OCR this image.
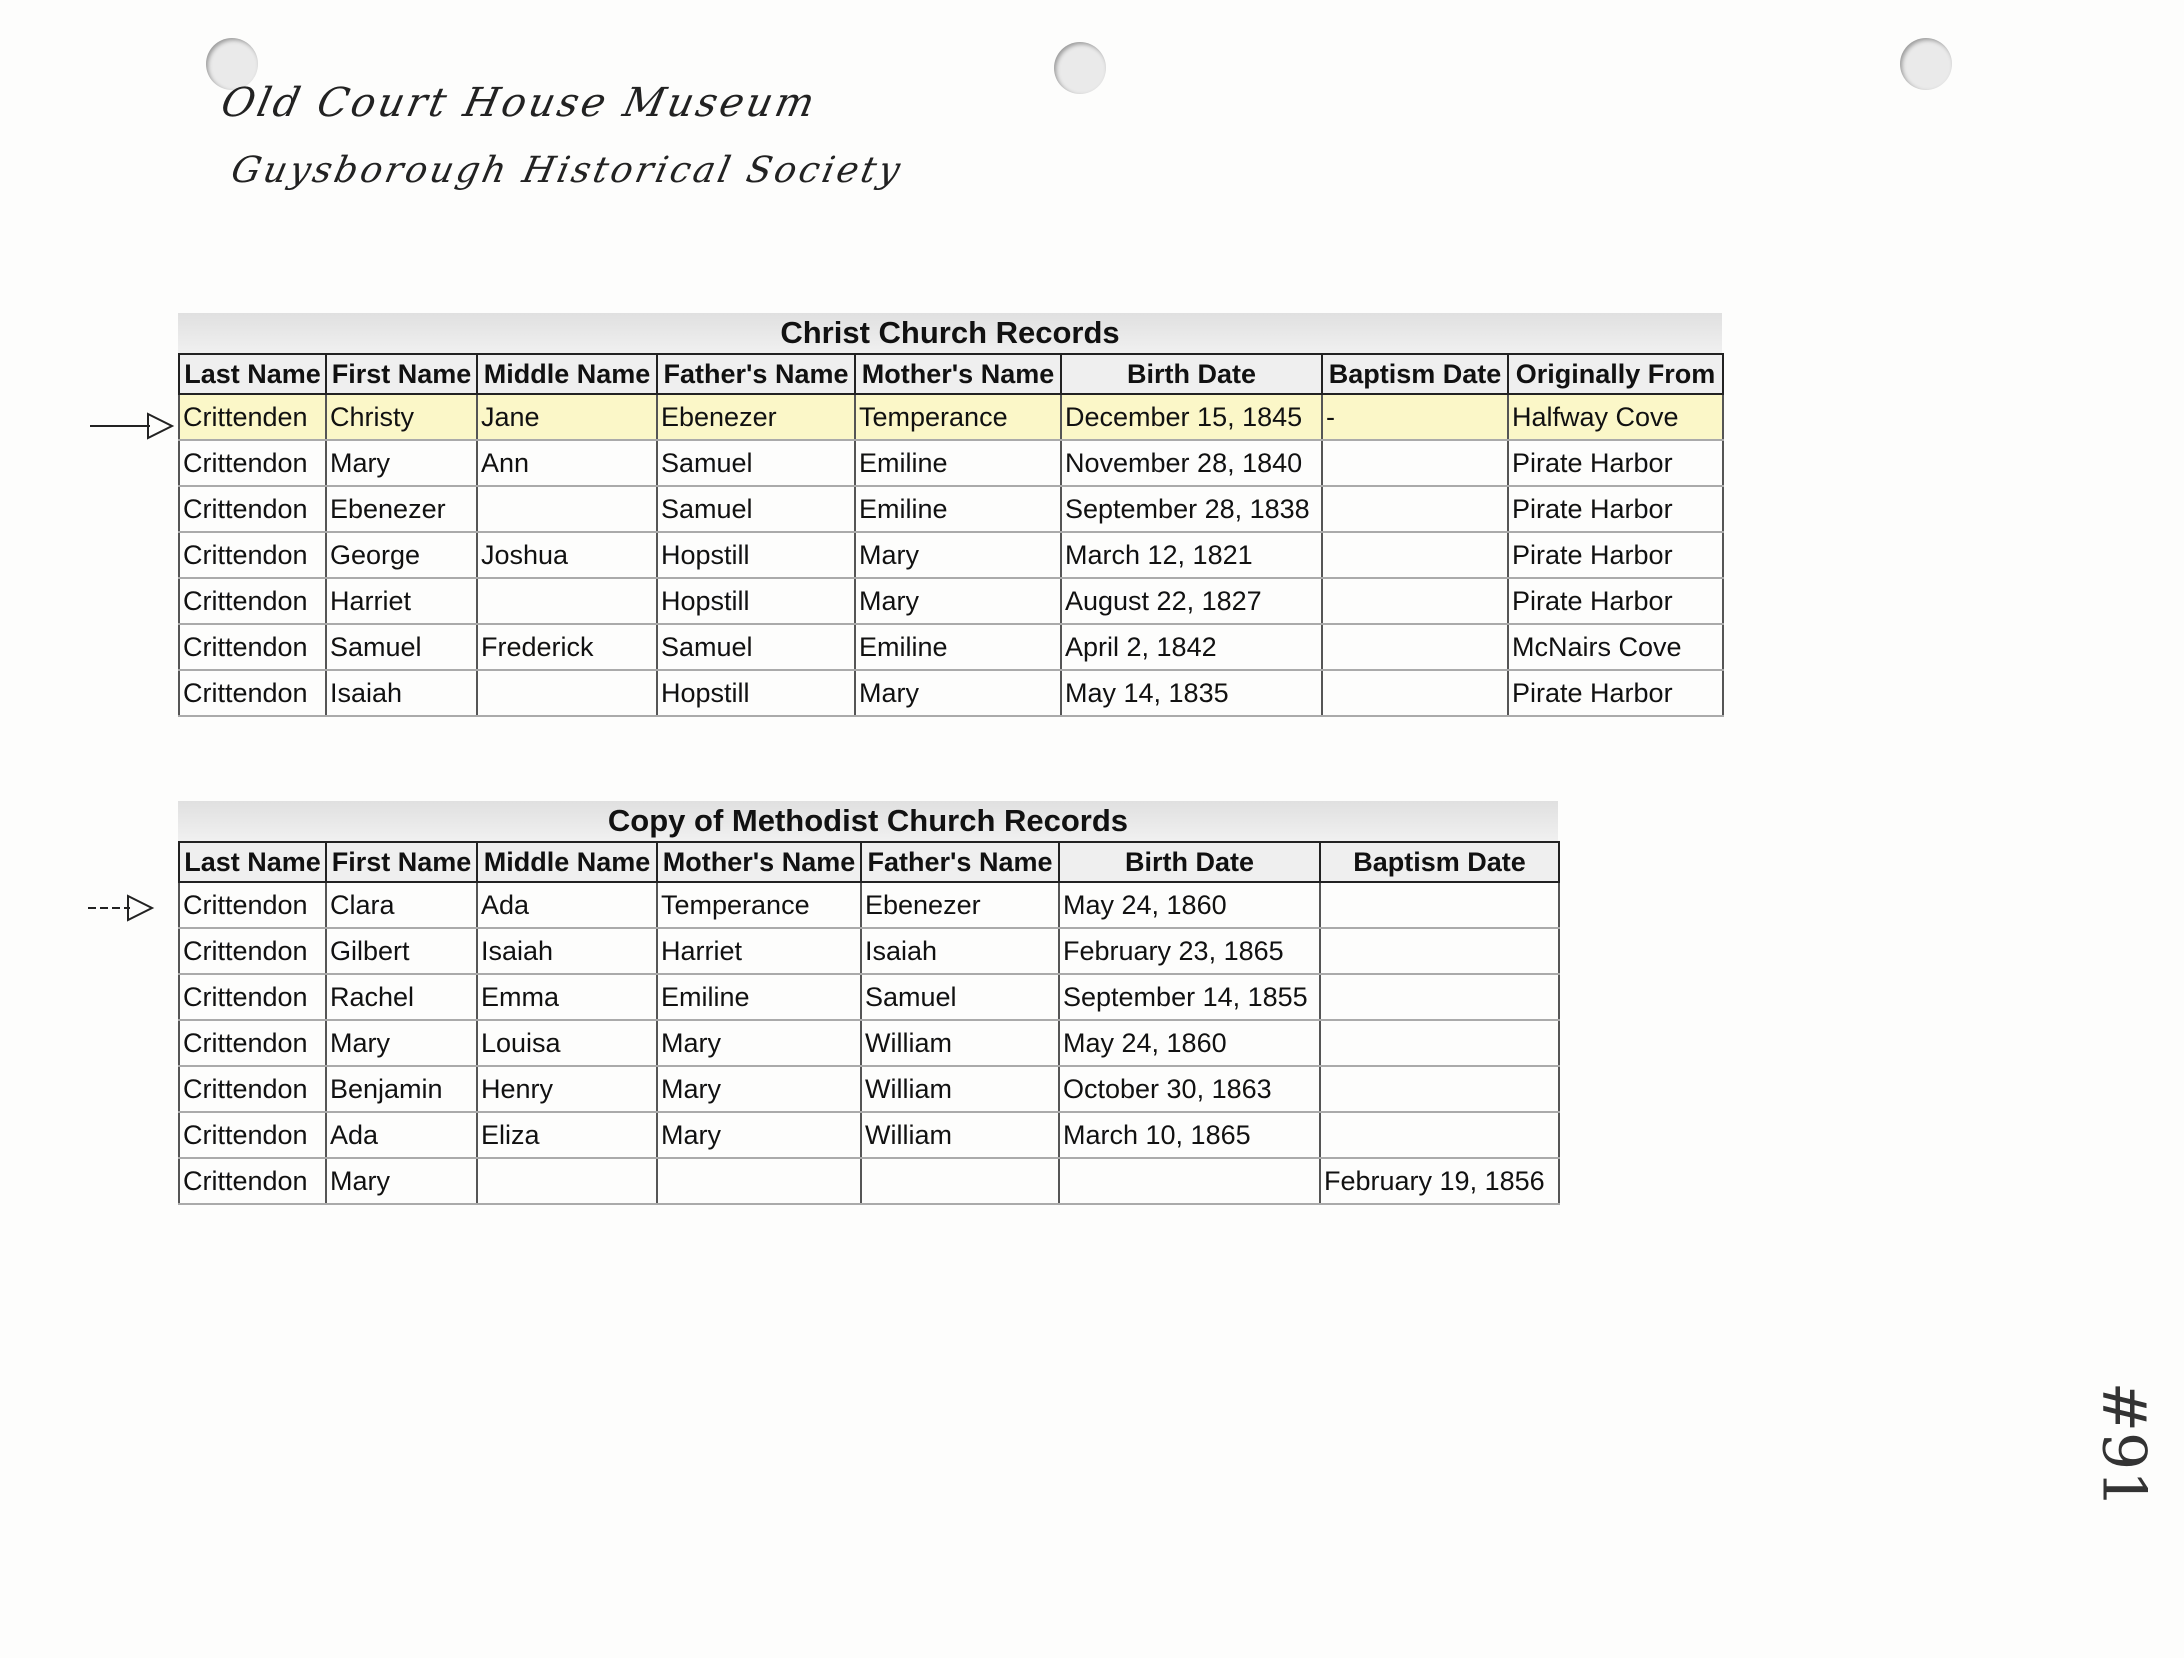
Old Court House Museum
Guysborough Historical Society
Christ Church Records
Last Name	First Name	Middle Name	Father's Name	Mother's Name	Birth Date	Baptism Date	Originally From
Crittenden	Christy	Jane	Ebenezer	Temperance	December 15, 1845	-	Halfway Cove
Crittendon	Mary	Ann	Samuel	Emiline	November 28, 1840		Pirate Harbor
Crittendon	Ebenezer		Samuel	Emiline	September 28, 1838		Pirate Harbor
Crittendon	George	Joshua	Hopstill	Mary	March 12, 1821		Pirate Harbor
Crittendon	Harriet		Hopstill	Mary	August 22, 1827		Pirate Harbor
Crittendon	Samuel	Frederick	Samuel	Emiline	April 2, 1842		McNairs Cove
Crittendon	Isaiah		Hopstill	Mary	May 14, 1835		Pirate Harbor
Copy of Methodist Church Records
Last Name	First Name	Middle Name	Mother's Name	Father's Name	Birth Date	Baptism Date
Crittendon	Clara	Ada	Temperance	Ebenezer	May 24, 1860	
Crittendon	Gilbert	Isaiah	Harriet	Isaiah	February 23, 1865	
Crittendon	Rachel	Emma	Emiline	Samuel	September 14, 1855	
Crittendon	Mary	Louisa	Mary	William	May 24, 1860	
Crittendon	Benjamin	Henry	Mary	William	October 30, 1863	
Crittendon	Ada	Eliza	Mary	William	March 10, 1865	
Crittendon	Mary					February 19, 1856
#91
